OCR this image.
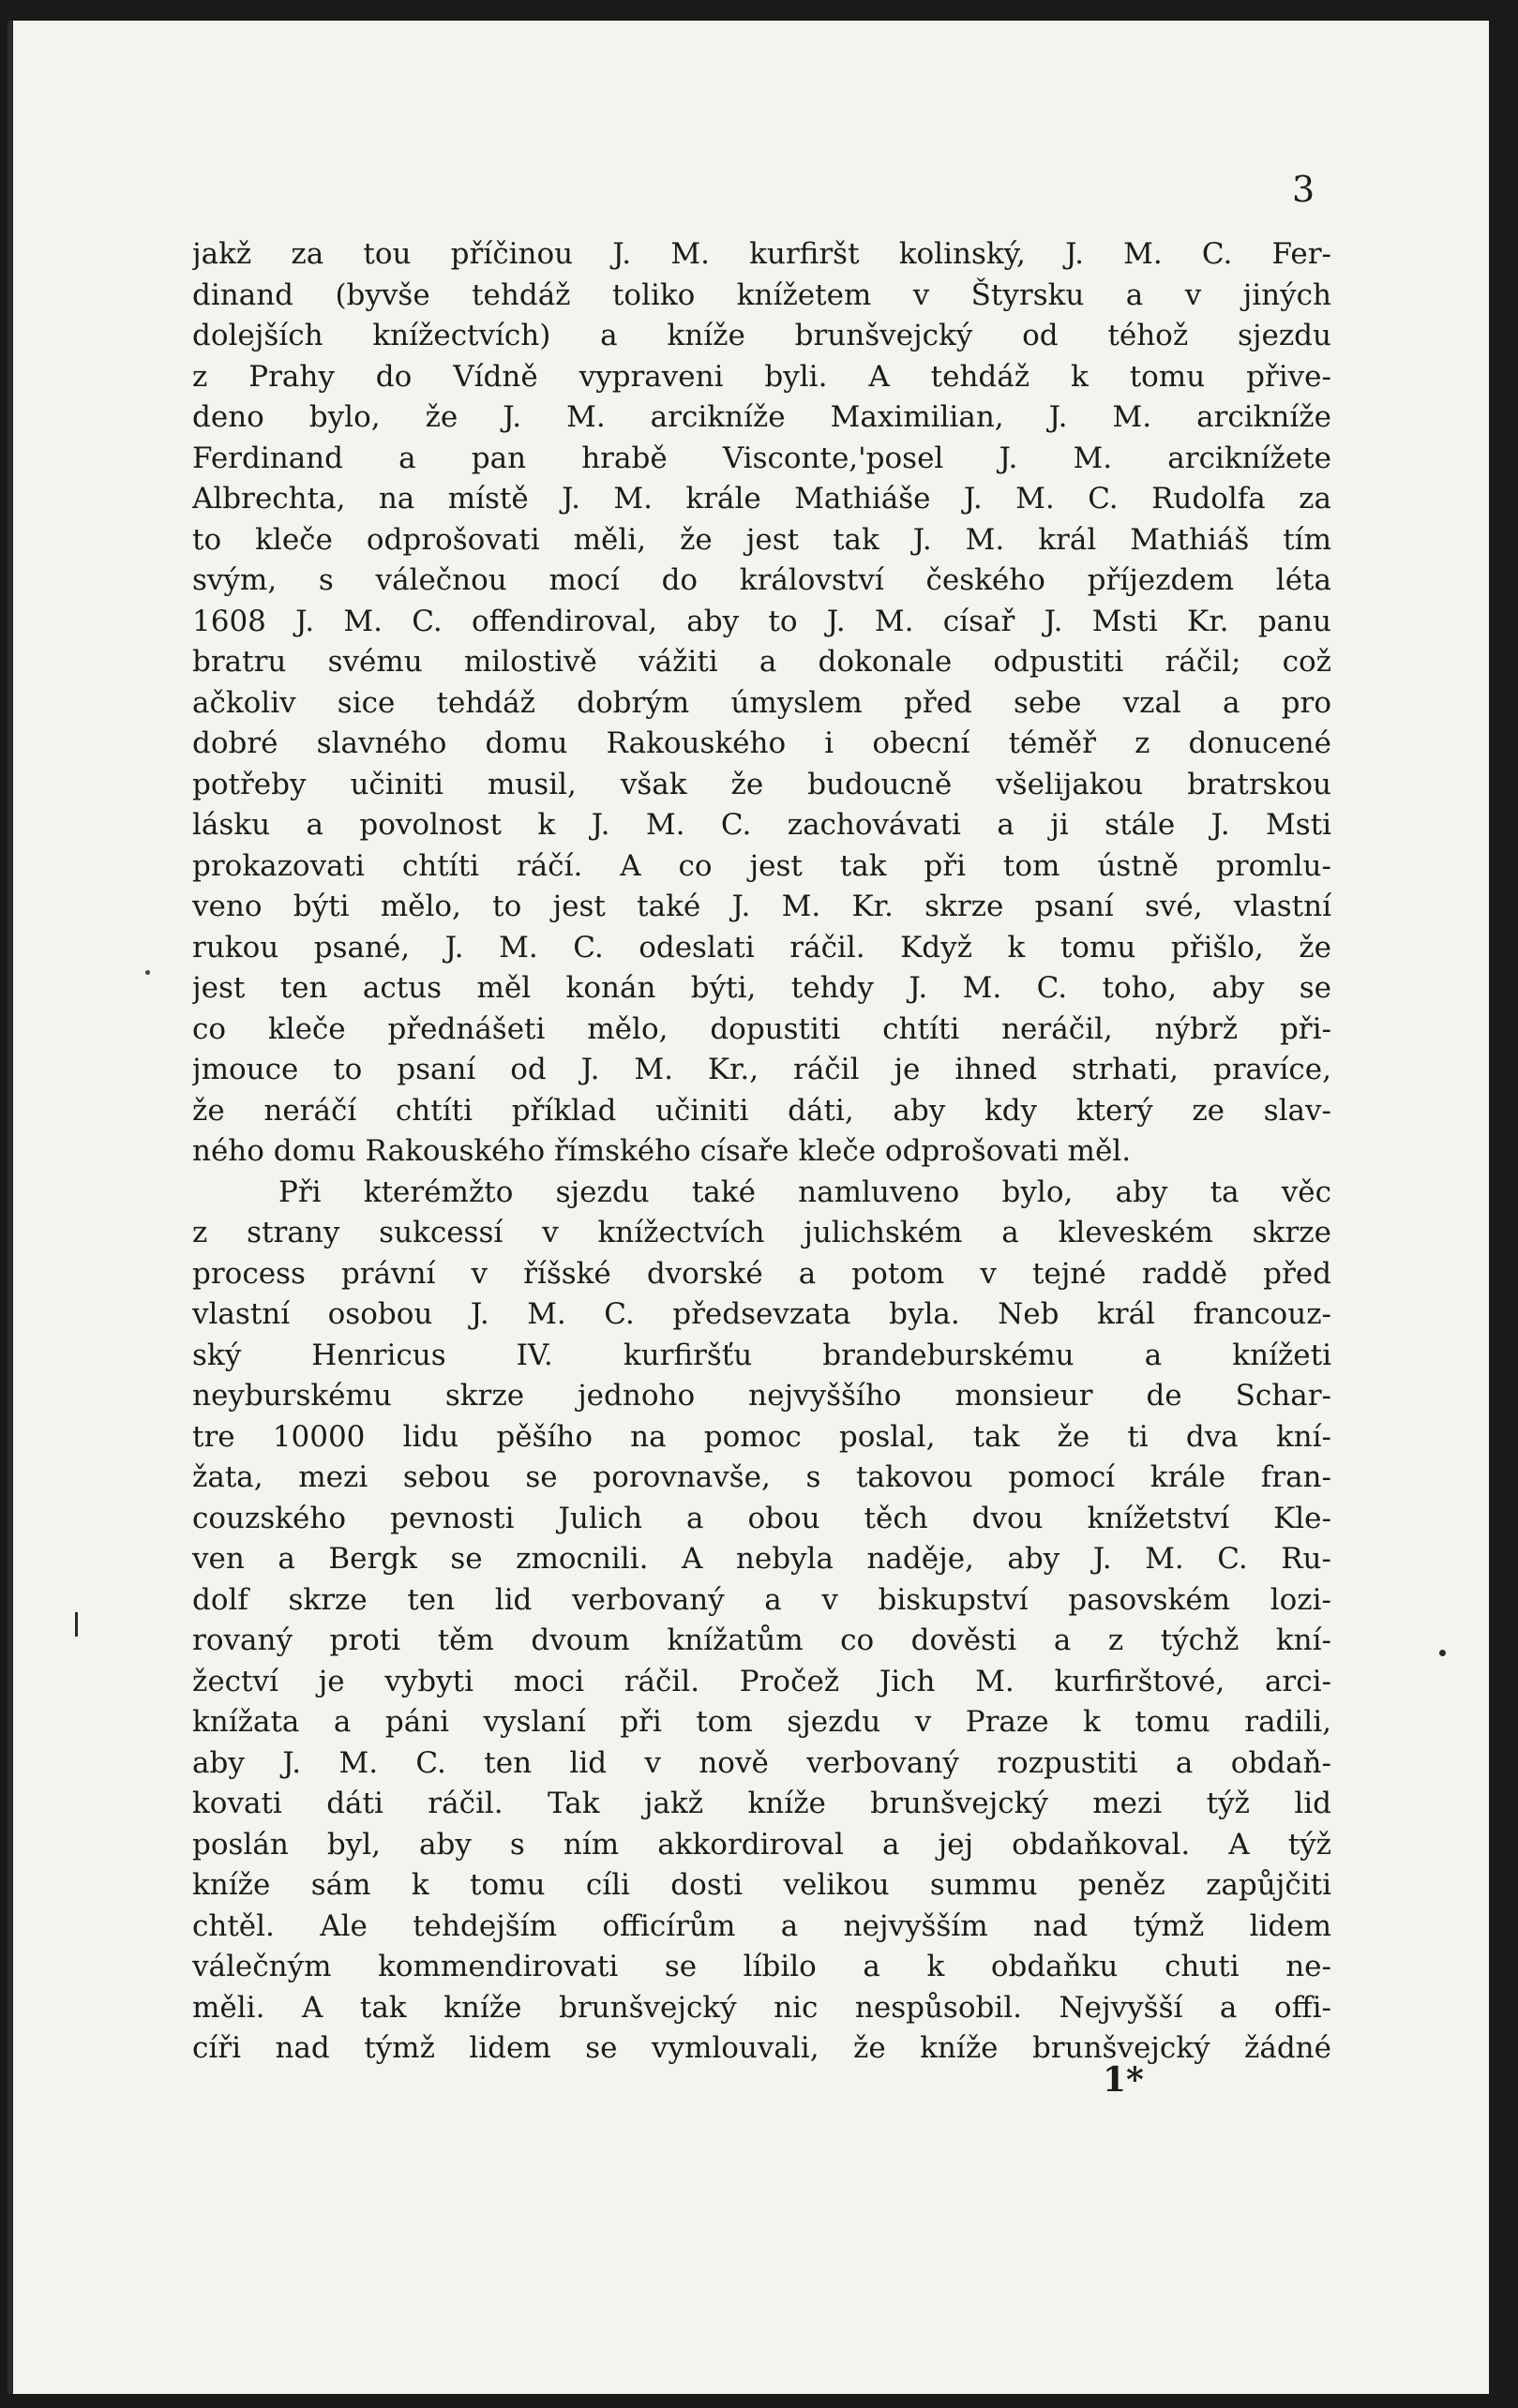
3
jakž za tou příčinou J. M. kurfiršt kolinský, J. M. C. Fer-
dinand (byvše tehdáž toliko knížetem v Štyrsku a v jiných
dolejších knížectvích) a kníže brunšvejcký od téhož sjezdu
z Prahy do Vídně vypraveni byli. A tehdáž k tomu přive-
deno bylo, že J. M. arcikníže Maximilian, J. M. arcikníže
Ferdinand a pan hrabě Visconte,'posel J. M. arciknížete
Albrechta, na místě J. M. krále Mathiáše J. M. C. Rudolfa za
to kleče odprošovati měli, že jest tak J. M. král Mathiáš tím
svým, s válečnou mocí do království českého příjezdem léta
1608 J. M. C. offendiroval, aby to J. M. císař J. Msti Kr. panu
bratru svému milostivě vážiti a dokonale odpustiti ráčil; což
ačkoliv sice tehdáž dobrým úmyslem před sebe vzal a pro
dobré slavného domu Rakouského i obecní téměř z donucené
potřeby učiniti musil, však že budoucně všelijakou bratrskou
lásku a povolnost k J. M. C. zachovávati a ji stále J. Msti
prokazovati chtíti ráčí. A co jest tak při tom ústně promlu-
veno býti mělo, to jest také J. M. Kr. skrze psaní své, vlastní
rukou psané, J. M. C. odeslati ráčil. Když k tomu přišlo, že
jest ten actus měl konán býti, tehdy J. M. C. toho, aby se
co kleče přednášeti mělo, dopustiti chtíti neráčil, nýbrž při-
jmouce to psaní od J. M. Kr., ráčil je ihned strhati, pravíce,
že neráčí chtíti příklad učiniti dáti, aby kdy který ze slav-
ného domu Rakouského římského císaře kleče odprošovati měl.
Při kterémžto sjezdu také namluveno bylo, aby ta věc
z strany sukcessí v knížectvích julichském a kleveském skrze
process právní v říšské dvorské a potom v tejné raddě před
vlastní osobou J. M. C. předsevzata byla. Neb král francouz-
ský Henricus IV. kurfiršťu brandeburskému a knížeti
neyburskému skrze jednoho nejvyššího monsieur de Schar-
tre 10000 lidu pěšího na pomoc poslal, tak že ti dva kní-
žata, mezi sebou se porovnavše, s takovou pomocí krále fran-
couzského pevnosti Julich a obou těch dvou knížetství Kle-
ven a Bergk se zmocnili. A nebyla naděje, aby J. M. C. Ru-
dolf skrze ten lid verbovaný a v biskupství pasovském lozi-
rovaný proti těm dvoum knížatům co dověsti a z týchž kní-
žectví je vybyti moci ráčil. Pročež Jich M. kurfirštové, arci-
knížata a páni vyslaní při tom sjezdu v Praze k tomu radili,
aby J. M. C. ten lid v nově verbovaný rozpustiti a obdaň-
kovati dáti ráčil. Tak jakž kníže brunšvejcký mezi týž lid
poslán byl, aby s ním akkordiroval a jej obdaňkoval. A týž
kníže sám k tomu cíli dosti velikou summu peněz zapůjčiti
chtěl. Ale tehdejším officírům a nejvyšším nad týmž lidem
válečným kommendirovati se líbilo a k obdaňku chuti ne-
měli. A tak kníže brunšvejcký nic nespůsobil. Nejvyšší a offi-
cíři nad týmž lidem se vymlouvali, že kníže brunšvejcký žádné
1*
